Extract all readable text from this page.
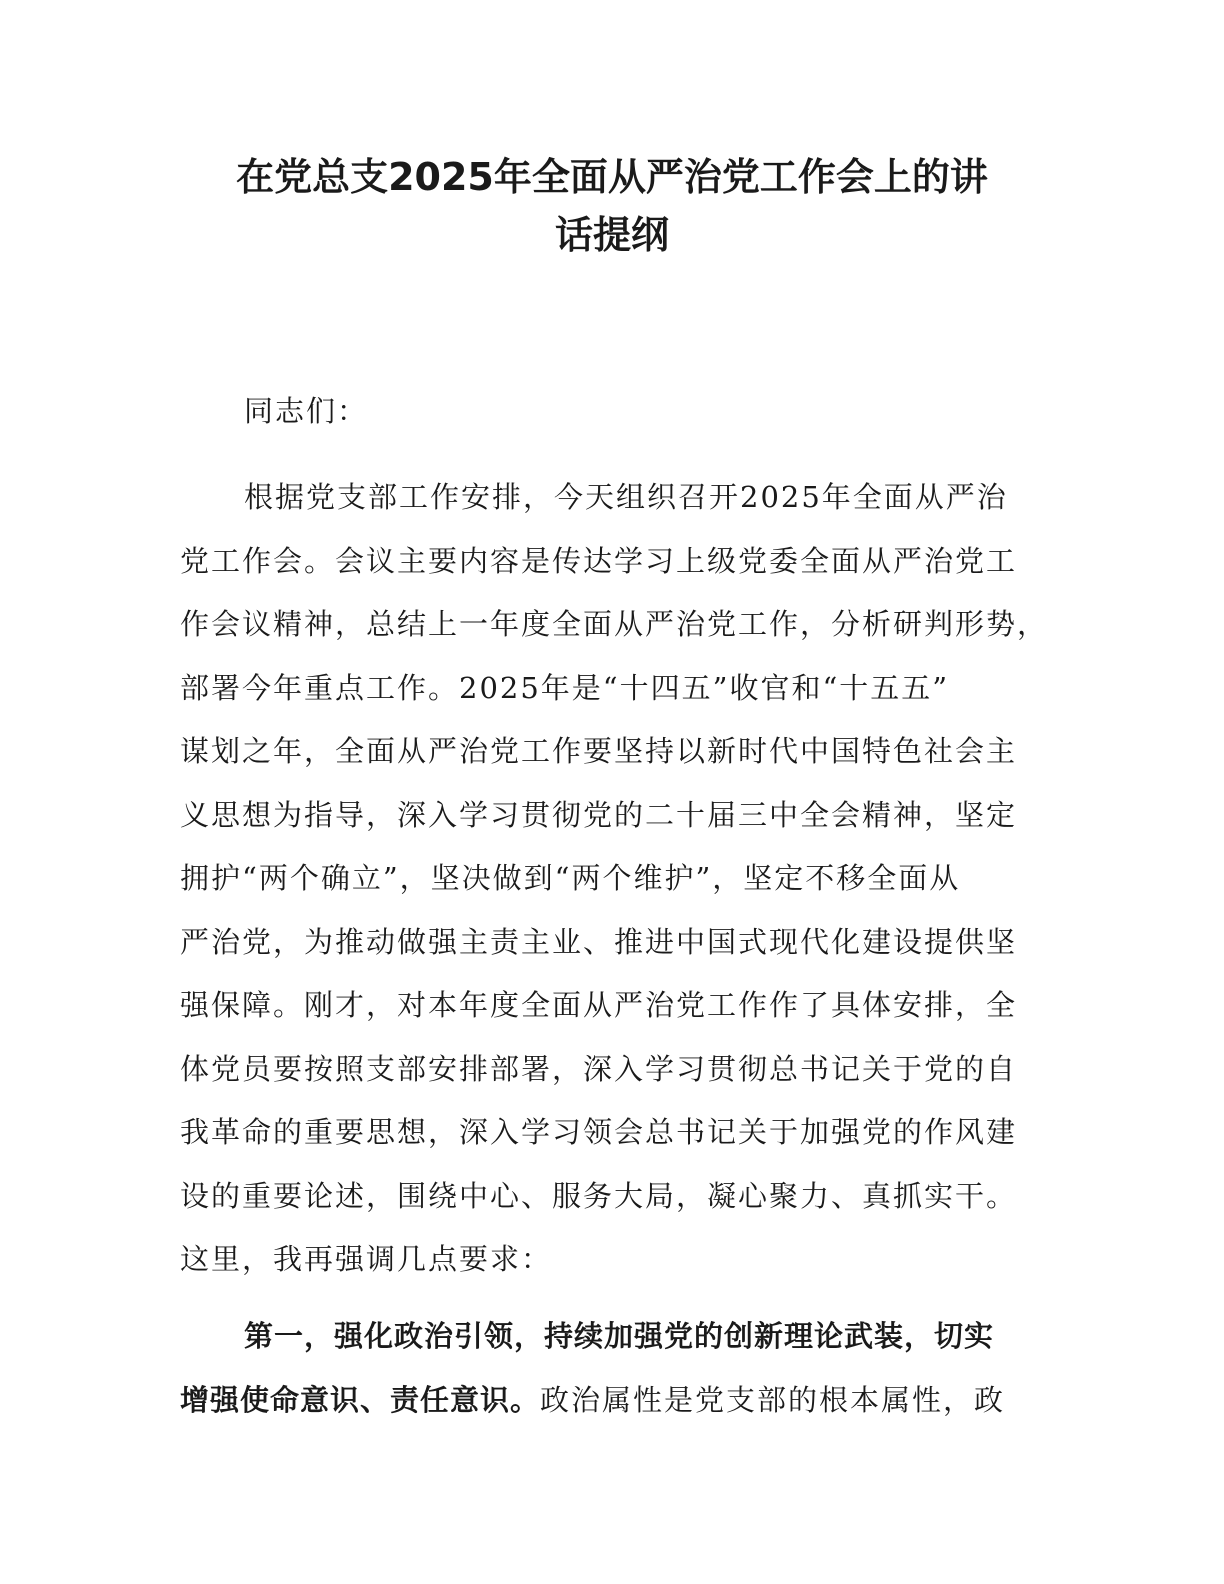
在党总支2025年全面从严治党工作会上的讲
话提纲

同志们：

根据党支部工作安排，今天组织召开2025年全面从严治
党工作会。会议主要内容是传达学习上级党委全面从严治党工
作会议精神，总结上一年度全面从严治党工作，分析研判形势，
部署今年重点工作。2025年是“十四五”收官和“十五五”
谋划之年，全面从严治党工作要坚持以新时代中国特色社会主
义思想为指导，深入学习贯彻党的二十届三中全会精神，坚定
拥护“两个确立”，坚决做到“两个维护”，坚定不移全面从
严治党，为推动做强主责主业、推进中国式现代化建设提供坚
强保障。刚才，对本年度全面从严治党工作作了具体安排，全
体党员要按照支部安排部署，深入学习贯彻总书记关于党的自
我革命的重要思想，深入学习领会总书记关于加强党的作风建
设的重要论述，围绕中心、服务大局，凝心聚力、真抓实干。
这里，我再强调几点要求：

第一，强化政治引领，持续加强党的创新理论武装，切实
增强使命意识、责任意识。政治属性是党支部的根本属性，政
